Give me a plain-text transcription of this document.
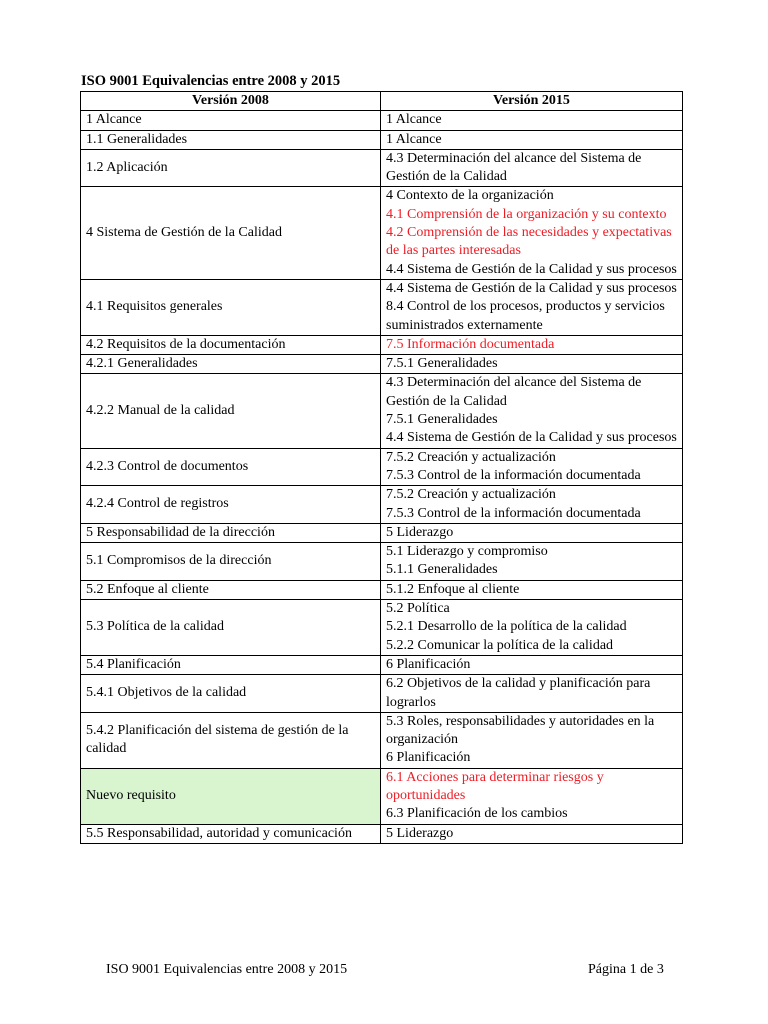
ISO 9001 Equivalencias entre 2008 y 2015
Versión 2008	Versión 2015
1 Alcance	1 Alcance

1.1 Generalidades	1 Alcance

1.2 Aplicación	4.3 Determinación del alcance del Sistema de Gestión de la Calidad

4 Sistema de Gestión de la Calidad	4 Contexto de la organización
4.1 Comprensión de la organización y su contexto
4.2 Comprensión de las necesidades y expectativas de las partes interesadas
4.4 Sistema de Gestión de la Calidad y sus procesos

4.1 Requisitos generales	4.4 Sistema de Gestión de la Calidad y sus procesos
8.4 Control de los procesos, productos y servicios suministrados externamente

4.2 Requisitos de la documentación	7.5 Información documentada

4.2.1 Generalidades	7.5.1 Generalidades

4.2.2 Manual de la calidad	4.3 Determinación del alcance del Sistema de Gestión de la Calidad
7.5.1 Generalidades
4.4 Sistema de Gestión de la Calidad y sus procesos

4.2.3 Control de documentos	7.5.2 Creación y actualización
7.5.3 Control de la información documentada

4.2.4 Control de registros	7.5.2 Creación y actualización
7.5.3 Control de la información documentada

5 Responsabilidad de la dirección	5 Liderazgo

5.1 Compromisos de la dirección	5.1 Liderazgo y compromiso
5.1.1 Generalidades

5.2 Enfoque al cliente	5.1.2 Enfoque al cliente

5.3 Política de la calidad	5.2 Política
5.2.1 Desarrollo de la política de la calidad
5.2.2 Comunicar la política de la calidad

5.4 Planificación	6 Planificación

5.4.1 Objetivos de la calidad	6.2 Objetivos de la calidad y planificación para lograrlos

5.4.2 Planificación del sistema de gestión de la calidad	5.3 Roles, responsabilidades y autoridades en la organización
6 Planificación

Nuevo requisito	6.1 Acciones para determinar riesgos y oportunidades
6.3 Planificación de los cambios

5.5 Responsabilidad, autoridad y comunicación	5 Liderazgo
ISO 9001 Equivalencias entre 2008 y 2015	Página 1 de 3
